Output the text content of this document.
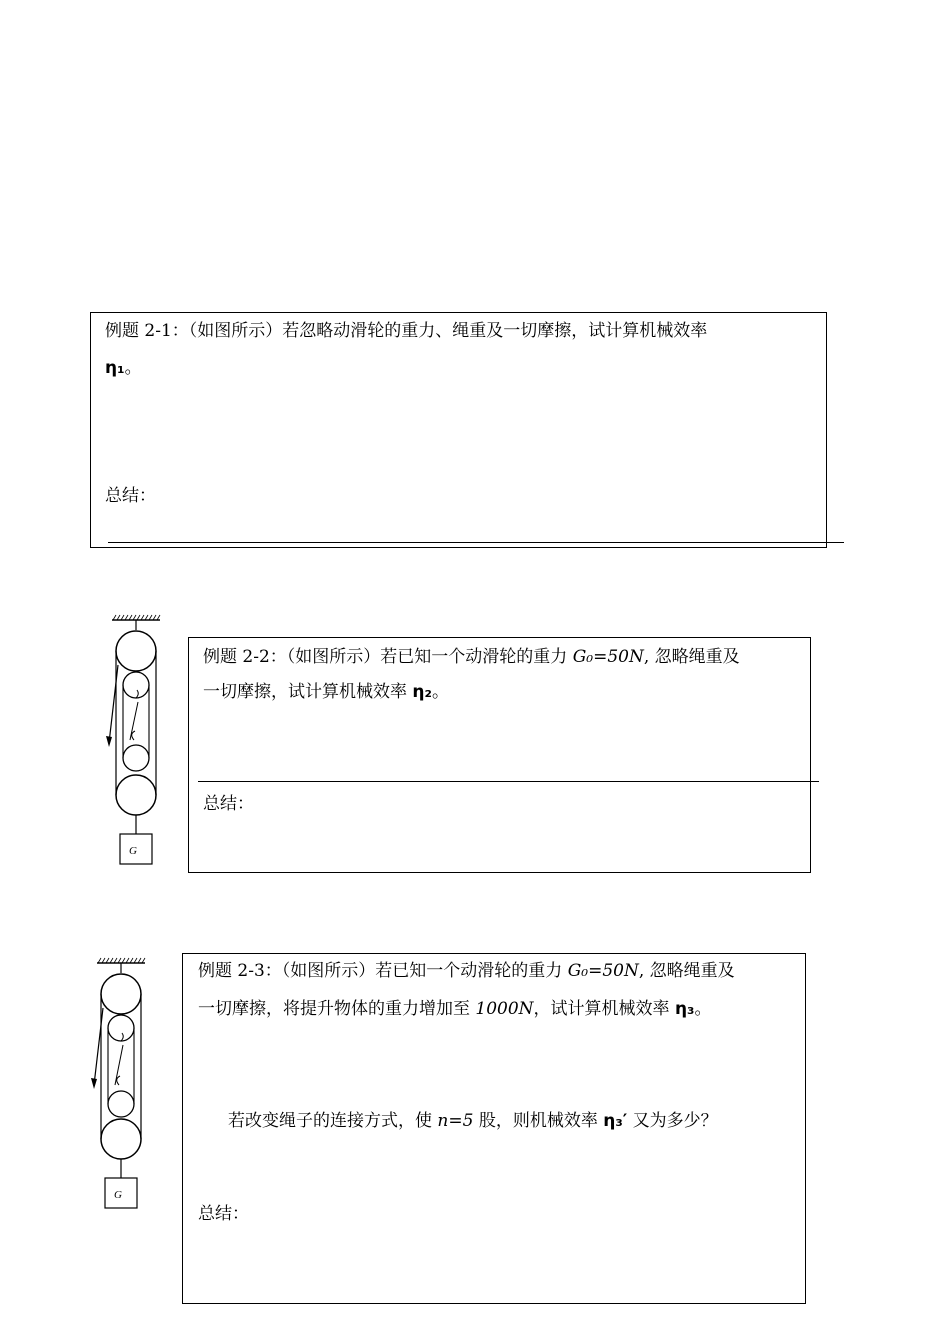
例题 2-1：（如图所示）若忽略动滑轮的重力、绳重及一切摩擦，试计算机械效率
η₁。
总结：
G
例题 2-2：（如图所示）若已知一个动滑轮的重力 G₀=50N, 忽略绳重及
一切摩擦，试计算机械效率 η₂。
总结：
G
例题 2-3：（如图所示）若已知一个动滑轮的重力 G₀=50N, 忽略绳重及
一切摩擦，将提升物体的重力增加至 1000N，试计算机械效率 η₃。
若改变绳子的连接方式，使 n=5 股，则机械效率 η₃′ 又为多少？
总结：
